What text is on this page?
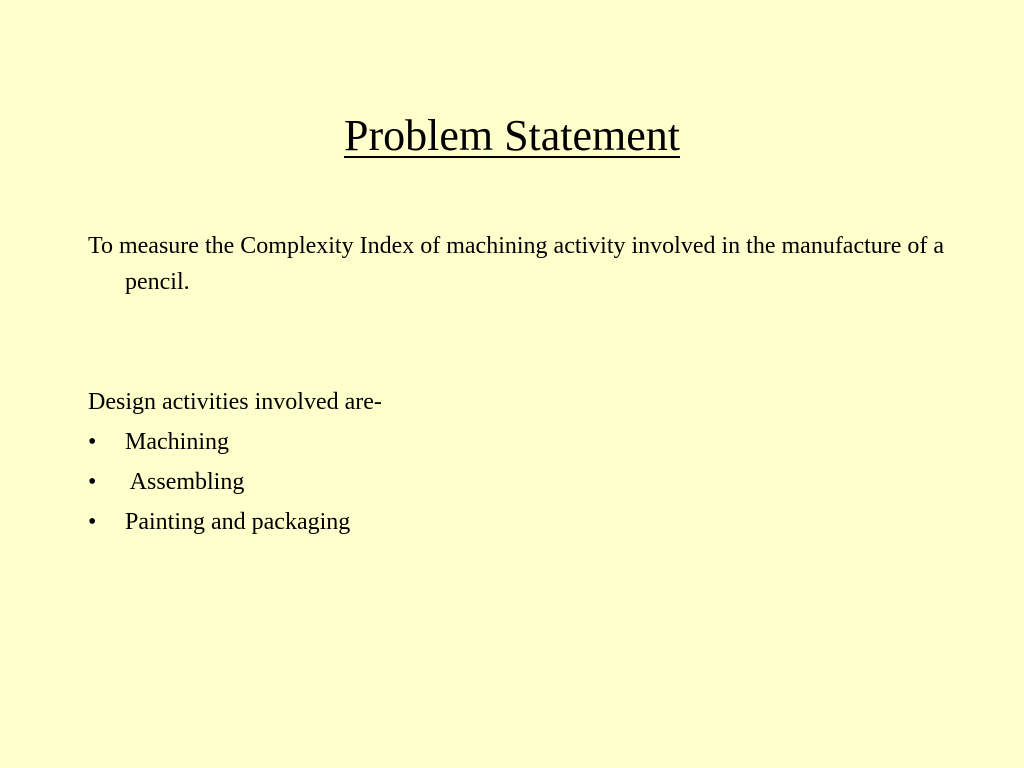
Problem Statement

To measure the Complexity Index of machining activity involved in the manufacture of a pencil.

Design activities involved are-

•	Machining
•	Assembling
•	Painting and packaging
